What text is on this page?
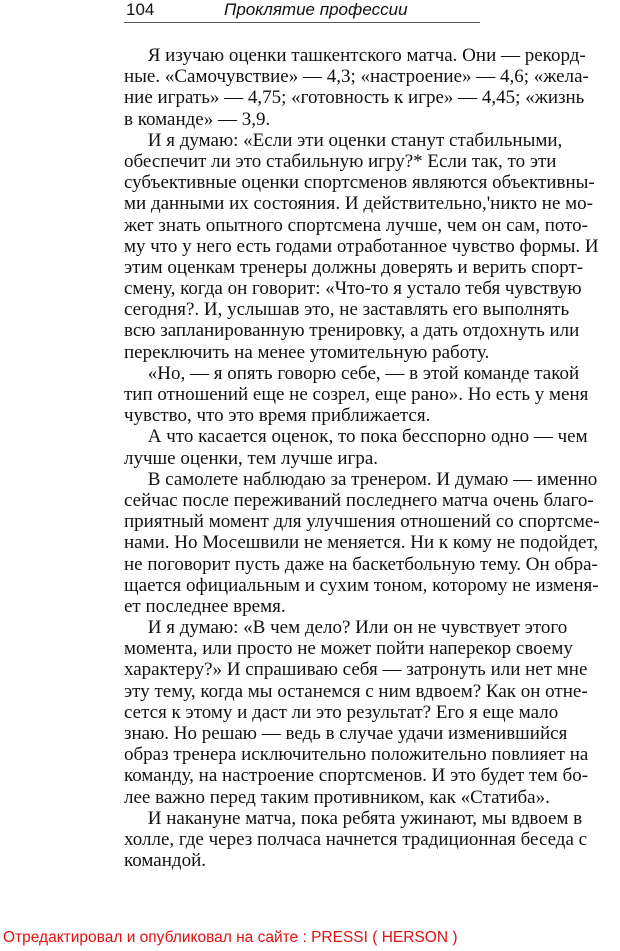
104	Проклятие профессии
Я изучаю оценки ташкентского матча. Они — рекорд-
ные. «Самочувствие» — 4,3; «настроение» — 4,6; «жела-
ние играть» — 4,75; «готовность к игре» — 4,45; «жизнь
в команде» — 3,9.
И я думаю: «Если эти оценки станут стабильными,
обеспечит ли это стабильную игру?* Если так, то эти
субъективные оценки спортсменов являются объективны-
ми данными их состояния. И действительно,'никто не мо-
жет знать опытного спортсмена лучше, чем он сам, пото-
му что у него есть годами отработанное чувство формы. И
этим оценкам тренеры должны доверять и верить спорт-
смену, когда он говорит: «Что-то я устало тебя чувствую
сегодня?. И, услышав это, не заставлять его выполнять
всю запланированную тренировку, а дать отдохнуть или
переключить на менее утомительную работу.
«Но, — я опять говорю себе, — в этой команде такой
тип отношений еще не созрел, еще рано». Но есть у меня
чувство, что это время приближается.
А что касается оценок, то пока бесспорно одно — чем
лучше оценки, тем лучше игра.
В самолете наблюдаю за тренером. И думаю — именно
сейчас после переживаний последнего матча очень благо-
приятный момент для улучшения отношений со спортсме-
нами. Но Мосешвили не меняется. Ни к кому не подойдет,
не поговорит пусть даже на баскетбольную тему. Он обра-
щается официальным и сухим тоном, которому не изменя-
ет последнее время.
И я думаю: «В чем дело? Или он не чувствует этого
момента, или просто не может пойти наперекор своему
характеру?» И спрашиваю себя — затронуть или нет мне
эту тему, когда мы останемся с ним вдвоем? Как он отне-
сется к этому и даст ли это результат? Его я еще мало
знаю. Но решаю — ведь в случае удачи изменившийся
образ тренера исключительно положительно повлияет на
команду, на настроение спортсменов. И это будет тем бо-
лее важно перед таким противником, как «Статиба».
И накануне матча, пока ребята ужинают, мы вдвоем в
холле, где через полчаса начнется традиционная беседа с
командой.
Отредактировал и опубликовал на сайте : PRESSI ( HERSON )
